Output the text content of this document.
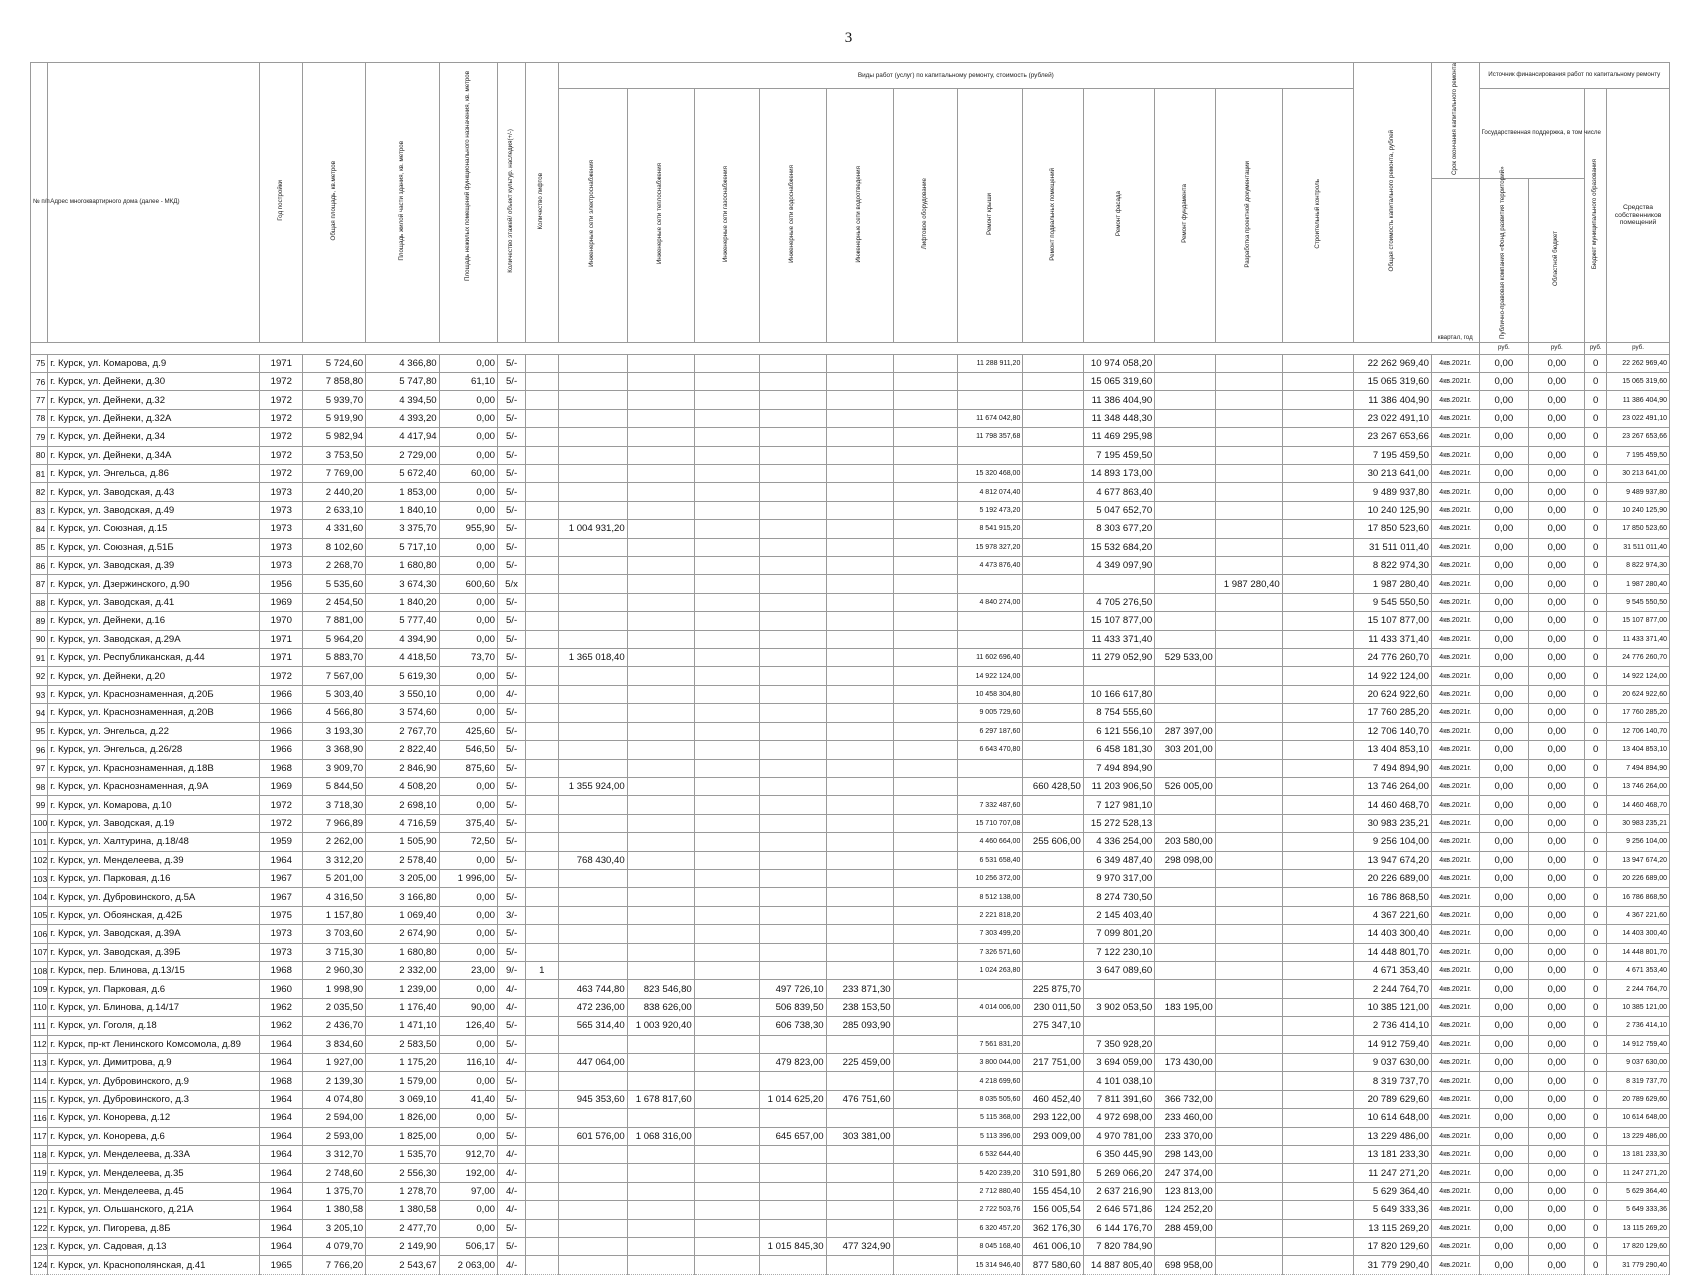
3
№ п/п	Адрес многоквартирного дома (далее - МКД)	Год постройки	Общая площадь, кв.метров	Площадь жилой части здания, кв. метров	Площадь нежилых помещений функционального назначения, кв. метров	Количество этажей/ объект культур. наследия(+/-)	Количество лифтов	Виды работ (услуг) по капитальному ремонту, стоимость (рублей)												Общая стоимость капитального ремонта, рублей	Срок окончания капитального ремонта	Источник финансирования работ по капитальному ремонту			
								Инженерные сети электроснабжения	Инженерные сети теплоснабжения	Инженерные сети газоснабжения	Инженерные сети водоснабжения	Инженерные сети водоотведения	Лифтовое оборудование	Ремонт крыши	Ремонт подвальных помещений	Ремонт фасада	Ремонт фундамента	Разработка проектной документации	Строительный контроль			Государственная поддержка, в том числе		Бюджет муниципального образования	Средства собственников помещений
																					квартал, год	Публично-правовая компания «Фонд развития территорий»	Областной бюджет		
																						руб.	руб.	руб.	руб.
75	г. Курск, ул. Комарова, д.9	1971	5 724,60	4 366,80	0,00	5/-								11 288 911,20		10 974 058,20				22 262 969,40	4кв.2021г.	0,00	0,00	0	22 262 969,40
76	г. Курск, ул. Дейнеки, д.30	1972	7 858,80	5 747,80	61,10	5/-										15 065 319,60				15 065 319,60	4кв.2021г.	0,00	0,00	0	15 065 319,60
77	г. Курск, ул. Дейнеки, д.32	1972	5 939,70	4 394,50	0,00	5/-										11 386 404,90				11 386 404,90	4кв.2021г.	0,00	0,00	0	11 386 404,90
78	г. Курск, ул. Дейнеки, д.32А	1972	5 919,90	4 393,20	0,00	5/-								11 674 042,80		11 348 448,30				23 022 491,10	4кв.2021г.	0,00	0,00	0	23 022 491,10
79	г. Курск, ул. Дейнеки, д.34	1972	5 982,94	4 417,94	0,00	5/-								11 798 357,68		11 469 295,98				23 267 653,66	4кв.2021г.	0,00	0,00	0	23 267 653,66
80	г. Курск, ул. Дейнеки, д.34А	1972	3 753,50	2 729,00	0,00	5/-										7 195 459,50				7 195 459,50	4кв.2021г.	0,00	0,00	0	7 195 459,50
81	г. Курск, ул. Энгельса, д.86	1972	7 769,00	5 672,40	60,00	5/-								15 320 468,00		14 893 173,00				30 213 641,00	4кв.2021г.	0,00	0,00	0	30 213 641,00
82	г. Курск, ул. Заводская, д.43	1973	2 440,20	1 853,00	0,00	5/-								4 812 074,40		4 677 863,40				9 489 937,80	4кв.2021г.	0,00	0,00	0	9 489 937,80
83	г. Курск, ул. Заводская, д.49	1973	2 633,10	1 840,10	0,00	5/-								5 192 473,20		5 047 652,70				10 240 125,90	4кв.2021г.	0,00	0,00	0	10 240 125,90
84	г. Курск, ул. Союзная, д.15	1973	4 331,60	3 375,70	955,90	5/-		1 004 931,20						8 541 915,20		8 303 677,20				17 850 523,60	4кв.2021г.	0,00	0,00	0	17 850 523,60
85	г. Курск, ул. Союзная, д.51Б	1973	8 102,60	5 717,10	0,00	5/-								15 978 327,20		15 532 684,20				31 511 011,40	4кв.2021г.	0,00	0,00	0	31 511 011,40
86	г. Курск, ул. Заводская, д.39	1973	2 268,70	1 680,80	0,00	5/-								4 473 876,40		4 349 097,90				8 822 974,30	4кв.2021г.	0,00	0,00	0	8 822 974,30
87	г. Курск, ул. Дзержинского, д.90	1956	5 535,60	3 674,30	600,60	5/х												1 987 280,40		1 987 280,40	4кв.2021г.	0,00	0,00	0	1 987 280,40
88	г. Курск, ул. Заводская, д.41	1969	2 454,50	1 840,20	0,00	5/-								4 840 274,00		4 705 276,50				9 545 550,50	4кв.2021г.	0,00	0,00	0	9 545 550,50
89	г. Курск, ул. Дейнеки, д.16	1970	7 881,00	5 777,40	0,00	5/-										15 107 877,00				15 107 877,00	4кв.2021г.	0,00	0,00	0	15 107 877,00
90	г. Курск, ул. Заводская, д.29А	1971	5 964,20	4 394,90	0,00	5/-										11 433 371,40				11 433 371,40	4кв.2021г.	0,00	0,00	0	11 433 371,40
91	г. Курск, ул. Республиканская, д.44	1971	5 883,70	4 418,50	73,70	5/-		1 365 018,40						11 602 696,40		11 279 052,90	529 533,00			24 776 260,70	4кв.2021г.	0,00	0,00	0	24 776 260,70
92	г. Курск, ул. Дейнеки, д.20	1972	7 567,00	5 619,30	0,00	5/-								14 922 124,00						14 922 124,00	4кв.2021г.	0,00	0,00	0	14 922 124,00
93	г. Курск, ул. Краснознаменная, д.20Б	1966	5 303,40	3 550,10	0,00	4/-								10 458 304,80		10 166 617,80				20 624 922,60	4кв.2021г.	0,00	0,00	0	20 624 922,60
94	г. Курск, ул. Краснознаменная, д.20В	1966	4 566,80	3 574,60	0,00	5/-								9 005 729,60		8 754 555,60				17 760 285,20	4кв.2021г.	0,00	0,00	0	17 760 285,20
95	г. Курск, ул. Энгельса, д.22	1966	3 193,30	2 767,70	425,60	5/-								6 297 187,60		6 121 556,10	287 397,00			12 706 140,70	4кв.2021г.	0,00	0,00	0	12 706 140,70
96	г. Курск, ул. Энгельса, д.26/28	1966	3 368,90	2 822,40	546,50	5/-								6 643 470,80		6 458 181,30	303 201,00			13 404 853,10	4кв.2021г.	0,00	0,00	0	13 404 853,10
97	г. Курск, ул. Краснознаменная, д.18В	1968	3 909,70	2 846,90	875,60	5/-										7 494 894,90				7 494 894,90	4кв.2021г.	0,00	0,00	0	7 494 894,90
98	г. Курск, ул. Краснознаменная, д.9А	1969	5 844,50	4 508,20	0,00	5/-		1 355 924,00							660 428,50	11 203 906,50	526 005,00			13 746 264,00	4кв.2021г.	0,00	0,00	0	13 746 264,00
99	г. Курск, ул. Комарова, д.10	1972	3 718,30	2 698,10	0,00	5/-								7 332 487,60		7 127 981,10				14 460 468,70	4кв.2021г.	0,00	0,00	0	14 460 468,70
100	г. Курск, ул. Заводская, д.19	1972	7 966,89	4 716,59	375,40	5/-								15 710 707,08		15 272 528,13				30 983 235,21	4кв.2021г.	0,00	0,00	0	30 983 235,21
101	г. Курск, ул. Халтурина, д.18/48	1959	2 262,00	1 505,90	72,50	5/-								4 460 664,00	255 606,00	4 336 254,00	203 580,00			9 256 104,00	4кв.2021г.	0,00	0,00	0	9 256 104,00
102	г. Курск, ул. Менделеева, д.39	1964	3 312,20	2 578,40	0,00	5/-		768 430,40						6 531 658,40		6 349 487,40	298 098,00			13 947 674,20	4кв.2021г.	0,00	0,00	0	13 947 674,20
103	г. Курск, ул. Парковая, д.16	1967	5 201,00	3 205,00	1 996,00	5/-								10 256 372,00		9 970 317,00				20 226 689,00	4кв.2021г.	0,00	0,00	0	20 226 689,00
104	г. Курск, ул. Дубровинского, д.5А	1967	4 316,50	3 166,80	0,00	5/-								8 512 138,00		8 274 730,50				16 786 868,50	4кв.2021г.	0,00	0,00	0	16 786 868,50
105	г. Курск, ул. Обоянская, д.42Б	1975	1 157,80	1 069,40	0,00	3/-								2 221 818,20		2 145 403,40				4 367 221,60	4кв.2021г.	0,00	0,00	0	4 367 221,60
106	г. Курск, ул. Заводская, д.39А	1973	3 703,60	2 674,90	0,00	5/-								7 303 499,20		7 099 801,20				14 403 300,40	4кв.2021г.	0,00	0,00	0	14 403 300,40
107	г. Курск, ул. Заводская, д.39Б	1973	3 715,30	1 680,80	0,00	5/-								7 326 571,60		7 122 230,10				14 448 801,70	4кв.2021г.	0,00	0,00	0	14 448 801,70
108	г. Курск, пер. Блинова, д.13/15	1968	2 960,30	2 332,00	23,00	9/-	1							1 024 263,80		3 647 089,60				4 671 353,40	4кв.2021г.	0,00	0,00	0	4 671 353,40
109	г. Курск, ул. Парковая, д.6	1960	1 998,90	1 239,00	0,00	4/-		463 744,80	823 546,80		497 726,10	233 871,30			225 875,70					2 244 764,70	4кв.2021г.	0,00	0,00	0	2 244 764,70
110	г. Курск, ул. Блинова, д.14/17	1962	2 035,50	1 176,40	90,00	4/-		472 236,00	838 626,00		506 839,50	238 153,50		4 014 006,00	230 011,50	3 902 053,50	183 195,00			10 385 121,00	4кв.2021г.	0,00	0,00	0	10 385 121,00
111	г. Курск, ул. Гоголя, д.18	1962	2 436,70	1 471,10	126,40	5/-		565 314,40	1 003 920,40		606 738,30	285 093,90			275 347,10					2 736 414,10	4кв.2021г.	0,00	0,00	0	2 736 414,10
112	г. Курск, пр-кт Ленинского Комсомола, д.89	1964	3 834,60	2 583,50	0,00	5/-								7 561 831,20		7 350 928,20				14 912 759,40	4кв.2021г.	0,00	0,00	0	14 912 759,40
113	г. Курск, ул. Димитрова, д.9	1964	1 927,00	1 175,20	116,10	4/-		447 064,00			479 823,00	225 459,00		3 800 044,00	217 751,00	3 694 059,00	173 430,00			9 037 630,00	4кв.2021г.	0,00	0,00	0	9 037 630,00
114	г. Курск, ул. Дубровинского, д.9	1968	2 139,30	1 579,00	0,00	5/-								4 218 699,60		4 101 038,10				8 319 737,70	4кв.2021г.	0,00	0,00	0	8 319 737,70
115	г. Курск, ул. Дубровинского, д.3	1964	4 074,80	3 069,10	41,40	5/-		945 353,60	1 678 817,60		1 014 625,20	476 751,60		8 035 505,60	460 452,40	7 811 391,60	366 732,00			20 789 629,60	4кв.2021г.	0,00	0,00	0	20 789 629,60
116	г. Курск, ул. Конорева, д.12	1964	2 594,00	1 826,00	0,00	5/-								5 115 368,00	293 122,00	4 972 698,00	233 460,00			10 614 648,00	4кв.2021г.	0,00	0,00	0	10 614 648,00
117	г. Курск, ул. Конорева, д.6	1964	2 593,00	1 825,00	0,00	5/-		601 576,00	1 068 316,00		645 657,00	303 381,00		5 113 396,00	293 009,00	4 970 781,00	233 370,00			13 229 486,00	4кв.2021г.	0,00	0,00	0	13 229 486,00
118	г. Курск, ул. Менделеева, д.33А	1964	3 312,70	1 535,70	912,70	4/-								6 532 644,40		6 350 445,90	298 143,00			13 181 233,30	4кв.2021г.	0,00	0,00	0	13 181 233,30
119	г. Курск, ул. Менделеева, д.35	1964	2 748,60	2 556,30	192,00	4/-								5 420 239,20	310 591,80	5 269 066,20	247 374,00			11 247 271,20	4кв.2021г.	0,00	0,00	0	11 247 271,20
120	г. Курск, ул. Менделеева, д.45	1964	1 375,70	1 278,70	97,00	4/-								2 712 880,40	155 454,10	2 637 216,90	123 813,00			5 629 364,40	4кв.2021г.	0,00	0,00	0	5 629 364,40
121	г. Курск, ул. Ольшанского, д.21А	1964	1 380,58	1 380,58	0,00	4/-								2 722 503,76	156 005,54	2 646 571,86	124 252,20			5 649 333,36	4кв.2021г.	0,00	0,00	0	5 649 333,36
122	г. Курск, ул. Пигорева, д.8Б	1964	3 205,10	2 477,70	0,00	5/-								6 320 457,20	362 176,30	6 144 176,70	288 459,00			13 115 269,20	4кв.2021г.	0,00	0,00	0	13 115 269,20
123	г. Курск, ул. Садовая, д.13	1964	4 079,70	2 149,90	506,17	5/-					1 015 845,30	477 324,90		8 045 168,40	461 006,10	7 820 784,90				17 820 129,60	4кв.2021г.	0,00	0,00	0	17 820 129,60
124	г. Курск, ул. Краснополянская, д.41	1965	7 766,20	2 543,67	2 063,00	4/-								15 314 946,40	877 580,60	14 887 805,40	698 958,00			31 779 290,40	4кв.2021г.	0,00	0,00	0	31 779 290,40
